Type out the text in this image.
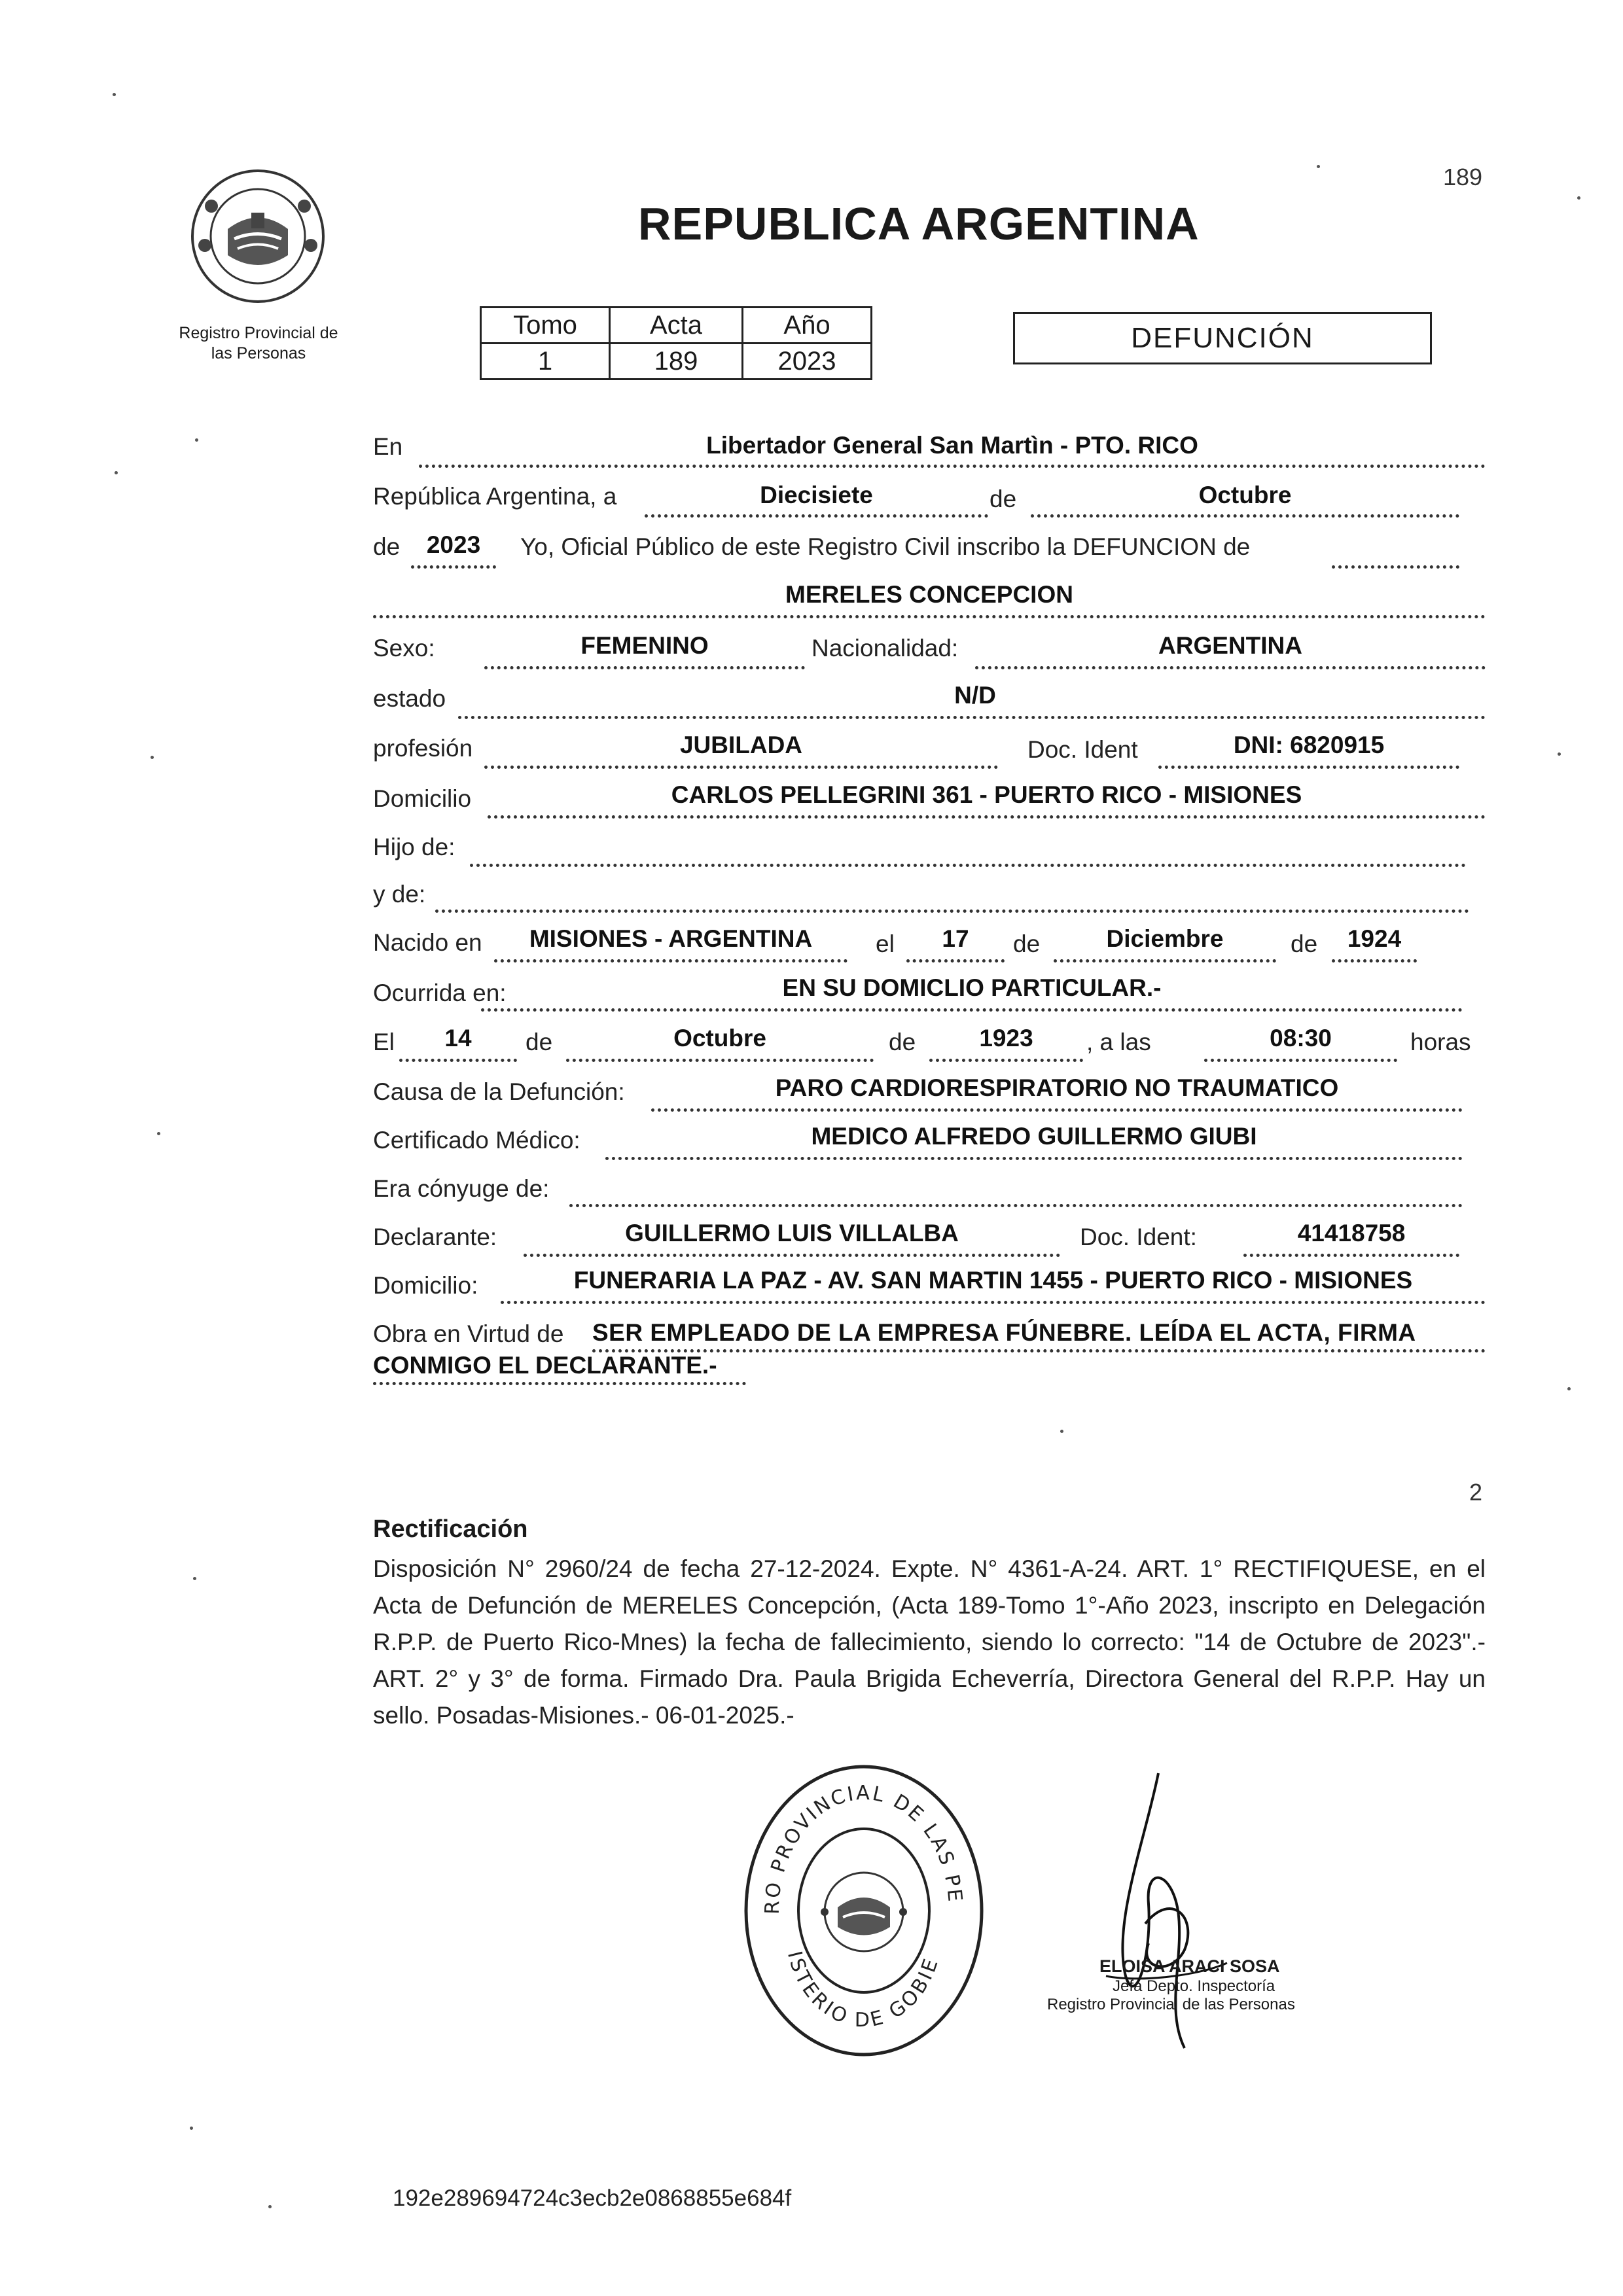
189
Registro Provincial de
las Personas
REPUBLICA ARGENTINA
Tomo	Acta	Año
1	189	2023
DEFUNCIÓN
En	Libertador General San Martìn - PTO. RICO
República Argentina, a	Diecisiete	de	Octubre
de	2023	Yo, Oficial Público de este Registro Civil inscribo la DEFUNCION de
MERELES CONCEPCION
Sexo:	FEMENINO	Nacionalidad:	ARGENTINA
estado	N/D
profesión	JUBILADA	Doc. Ident	DNI: 6820915
Domicilio	CARLOS PELLEGRINI 361 - PUERTO RICO - MISIONES
Hijo de:
y de:
Nacido en	MISIONES - ARGENTINA	el	17	de	Diciembre	de	1924
Ocurrida en:	EN SU DOMICLIO PARTICULAR.-
El	14	de	Octubre	de	1923	, a las	08:30	horas
Causa de la Defunción:	PARO CARDIORESPIRATORIO NO TRAUMATICO
Certificado Médico:	MEDICO ALFREDO GUILLERMO GIUBI
Era cónyuge de:
Declarante:	GUILLERMO LUIS VILLALBA	Doc. Ident:	41418758
Domicilio:	FUNERARIA LA PAZ - AV. SAN MARTIN 1455 - PUERTO RICO - MISIONES
Obra en Virtud de SER EMPLEADO DE LA EMPRESA FÚNEBRE. LEÍDA EL ACTA, FIRMA
CONMIGO EL DECLARANTE.-
2
Rectificación
Disposición N° 2960/24 de fecha 27-12-2024. Expte. N° 4361-A-24. ART. 1° RECTIFIQUESE, en el Acta de Defunción de MERELES Concepción, (Acta 189-Tomo 1°-Año 2023, inscripto en Delegación R.P.P. de Puerto Rico-Mnes) la fecha de fallecimiento, siendo lo correcto: "14 de Octubre de 2023".- ART. 2° y 3° de forma. Firmado Dra. Paula Brigida Echeverría, Directora General del R.P.P. Hay un sello. Posadas-Misiones.- 06-01-2025.-
RO PROVINCIAL DE LAS PE
ISTERIO DE GOBIE	ELOISA ARACI SOSA
Jefa Depto. Inspectoría
Registro Provincial de las Personas
192e289694724c3ecb2e0868855e684f
